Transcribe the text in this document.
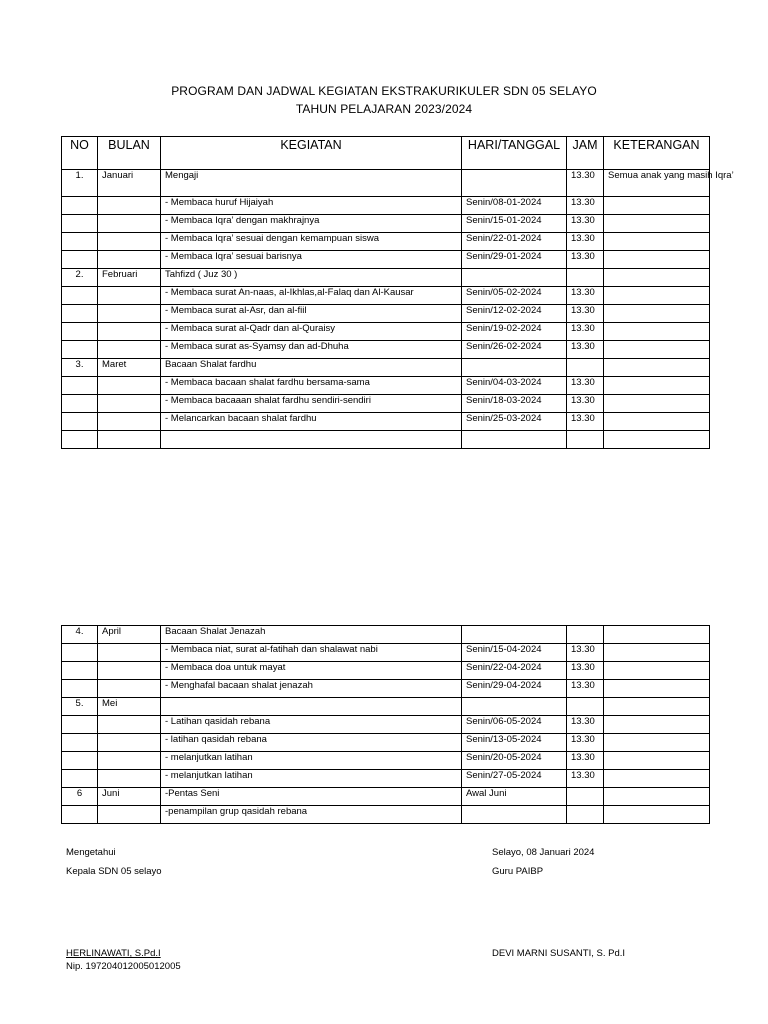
PROGRAM DAN JADWAL KEGIATAN EKSTRAKURIKULER SDN 05 SELAYO
TAHUN PELAJARAN 2023/2024
NO	BULAN	KEGIATAN	HARI/TANGGAL	JAM	KETERANGAN
1.	Januari	Mengaji		13.30	Semua anak yang masih Iqra’
		- Membaca huruf Hijaiyah	Senin/08-01-2024	13.30	
		- Membaca Iqra’ dengan makhrajnya	Senin/15-01-2024	13.30	
		- Membaca Iqra’ sesuai dengan kemampuan siswa	Senin/22-01-2024	13.30	
		- Membaca Iqra’ sesuai barisnya	Senin/29-01-2024	13.30	
2.	Februari	Tahfizd ( Juz 30 )			
		- Membaca surat An-naas, al-Ikhlas,al-Falaq dan Al-Kausar	Senin/05-02-2024	13.30	
		- Membaca surat al-Asr, dan al-fiil	Senin/12-02-2024	13.30	
		- Membaca surat al-Qadr dan al-Quraisy	Senin/19-02-2024	13.30	
		- Membaca surat as-Syamsy dan ad-Dhuha	Senin/26-02-2024	13.30	
3.	Maret	Bacaan Shalat fardhu			
		- Membaca bacaan shalat fardhu bersama-sama	Senin/04-03-2024	13.30	
		- Membaca bacaaan shalat fardhu sendiri-sendiri	Senin/18-03-2024	13.30	
		- Melancarkan bacaan shalat fardhu	Senin/25-03-2024	13.30	

4.	April	Bacaan Shalat Jenazah			
		- Membaca niat, surat al-fatihah dan shalawat nabi	Senin/15-04-2024	13.30	
		- Membaca doa untuk mayat	Senin/22-04-2024	13.30	
		- Menghafal bacaan shalat jenazah	Senin/29-04-2024	13.30	
5.	Mei				
		- Latihan qasidah rebana	Senin/06-05-2024	13.30	
		- latihan qasidah rebana	Senin/13-05-2024	13.30	
		- melanjutkan latihan	Senin/20-05-2024	13.30	
		- melanjutkan latihan	Senin/27-05-2024	13.30	
6	Juni	-Pentas Seni	Awal Juni		
		-penampilan grup qasidah rebana			
Mengetahui
Kepala SDN 05 selayo
HERLINAWATI, S.Pd.I
Nip. 197204012005012005
Selayo, 08 Januari 2024
Guru PAIBP
DEVI MARNI SUSANTI, S. Pd.I
